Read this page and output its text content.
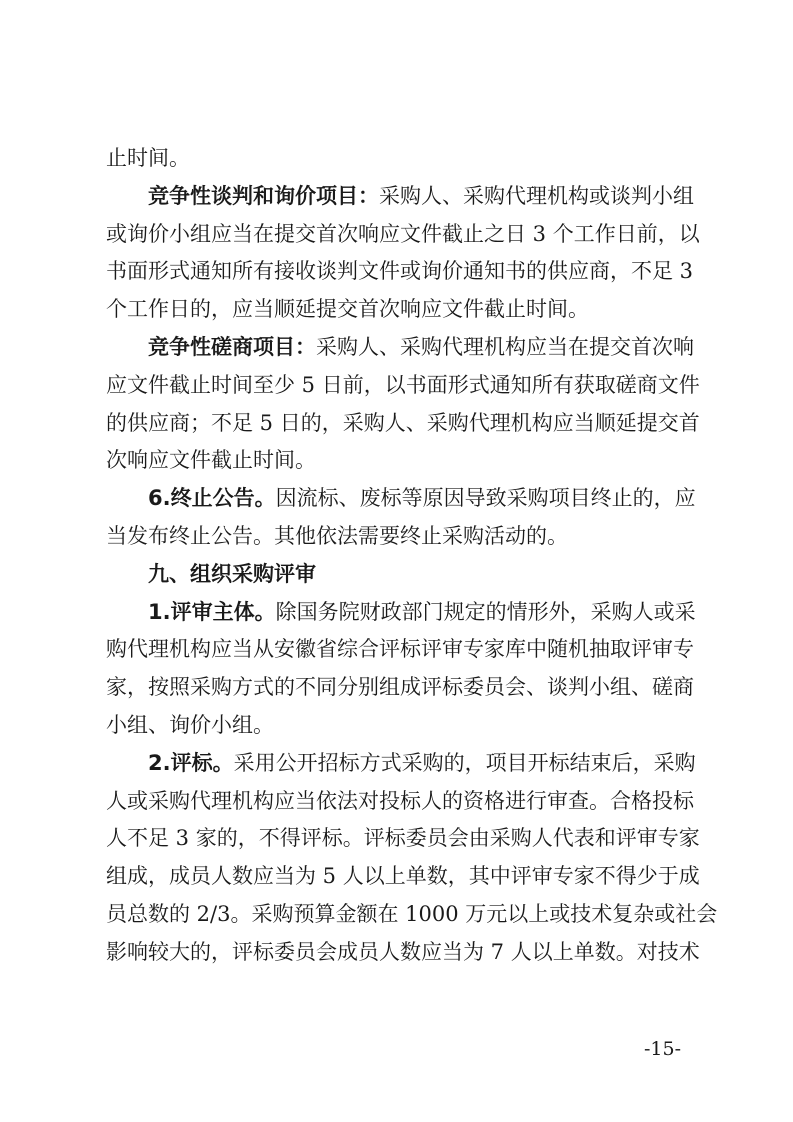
止时间。
竞争性谈判和询价项目：采购人、采购代理机构或谈判小组
或询价小组应当在提交首次响应文件截止之日 3 个工作日前，以
书面形式通知所有接收谈判文件或询价通知书的供应商，不足 3
个工作日的，应当顺延提交首次响应文件截止时间。
竞争性磋商项目：采购人、采购代理机构应当在提交首次响
应文件截止时间至少 5 日前，以书面形式通知所有获取磋商文件
的供应商；不足 5 日的，采购人、采购代理机构应当顺延提交首
次响应文件截止时间。
6.终止公告。因流标、废标等原因导致采购项目终止的，应
当发布终止公告。其他依法需要终止采购活动的。
九、组织采购评审
1.评审主体。除国务院财政部门规定的情形外，采购人或采
购代理机构应当从安徽省综合评标评审专家库中随机抽取评审专
家，按照采购方式的不同分别组成评标委员会、谈判小组、磋商
小组、询价小组。
2.评标。采用公开招标方式采购的，项目开标结束后，采购
人或采购代理机构应当依法对投标人的资格进行审查。合格投标
人不足 3 家的，不得评标。评标委员会由采购人代表和评审专家
组成，成员人数应当为 5 人以上单数，其中评审专家不得少于成
员总数的 2/3。采购预算金额在 1000 万元以上或技术复杂或社会
影响较大的，评标委员会成员人数应当为 7 人以上单数。对技术
-15-
